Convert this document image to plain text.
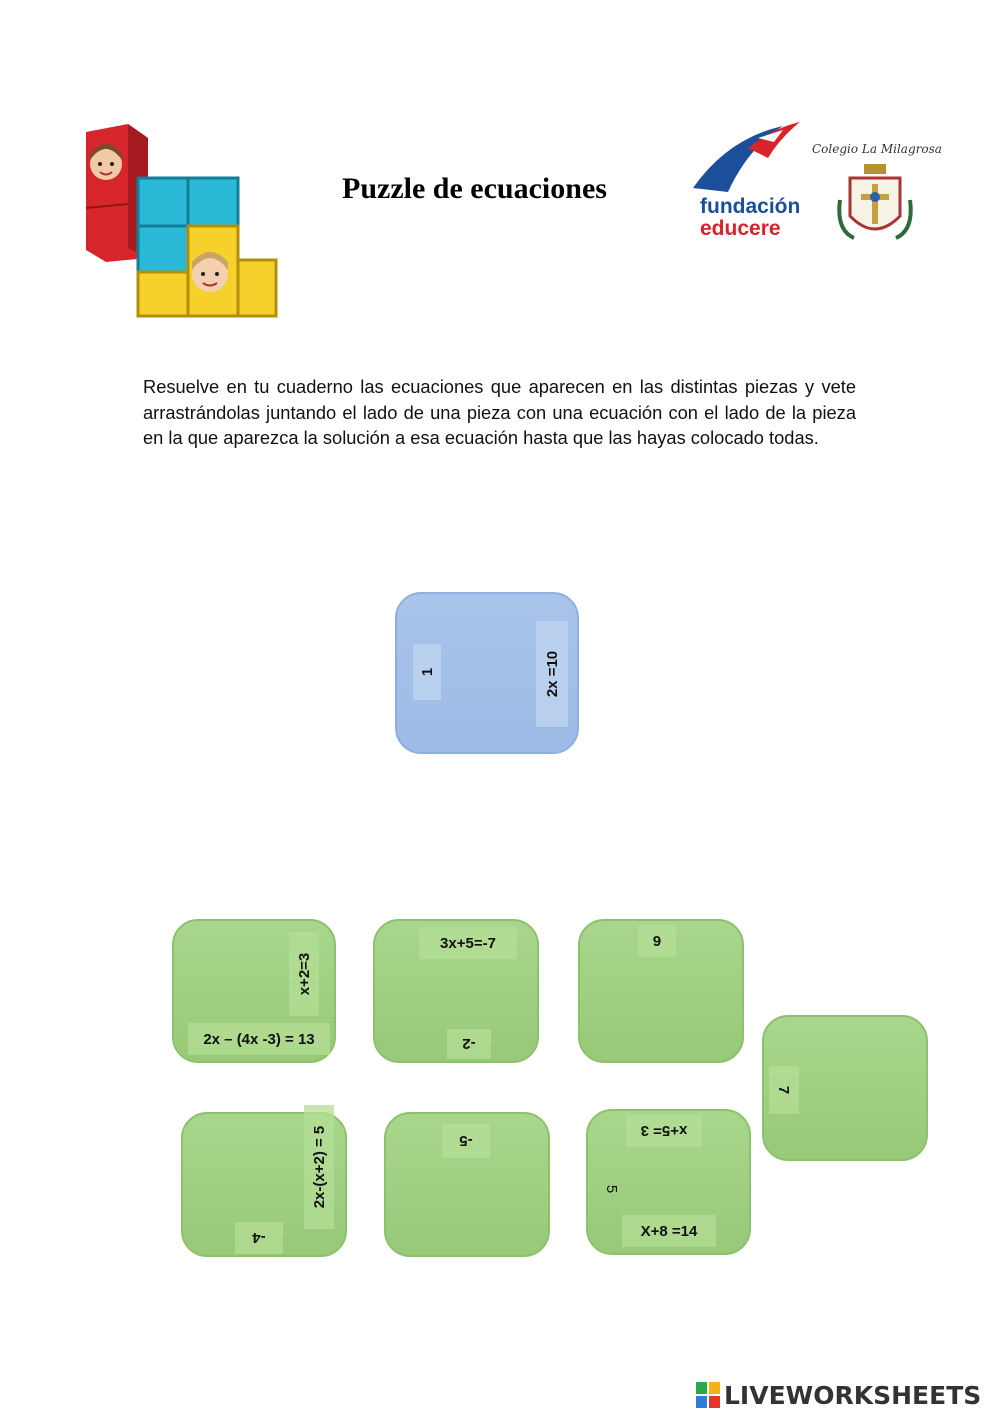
Puzzle de ecuaciones
fundación
educere
Colegio La Milagrosa
Resuelve en tu cuaderno las ecuaciones que aparecen en las distintas piezas y vete arrastrándolas juntando el lado de una pieza con una ecuación con el lado de la pieza en la que aparezca la solución a esa ecuación hasta que las hayas colocado todas.
1	2x =10
x+2=3
2x – (4x -3) = 13
3x+5=-7
-2
6
7
2x-(x+2) = 5
-4
-5
x+5= 3
5
X+8 =14
LIVEWORKSHEETS
